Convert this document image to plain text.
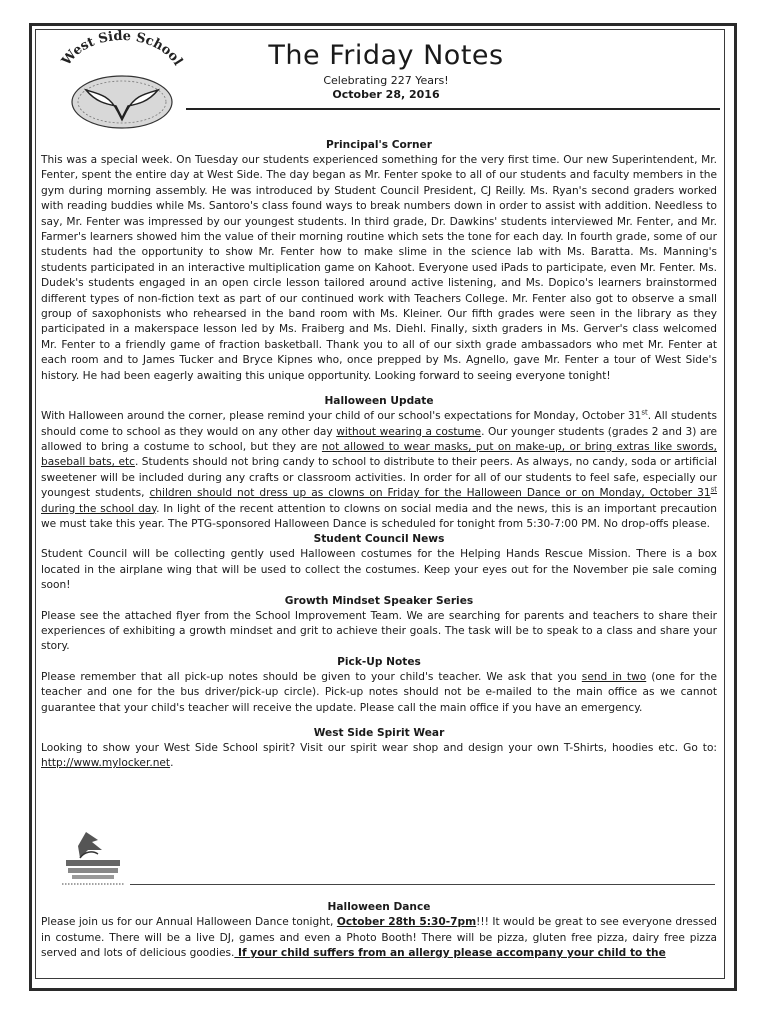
West Side School	The Friday Notes
Celebrating 227 Years!
October 28, 2016
Principal's Corner

This was a special week. On Tuesday our students experienced something for the very first time. Our new Superintendent, Mr. Fenter, spent the entire day at West Side. The day began as Mr. Fenter spoke to all of our students and faculty members in the gym during morning assembly. He was introduced by Student Council President, CJ Reilly. Ms. Ryan's second graders worked with reading buddies while Ms. Santoro's class found ways to break numbers down in order to assist with addition. Needless to say, Mr. Fenter was impressed by our youngest students. In third grade, Dr. Dawkins' students interviewed Mr. Fenter, and Mr. Farmer's learners showed him the value of their morning routine which sets the tone for each day. In fourth grade, some of our students had the opportunity to show Mr. Fenter how to make slime in the science lab with Ms. Baratta. Ms. Manning's students participated in an interactive multiplication game on Kahoot. Everyone used iPads to participate, even Mr. Fenter. Ms. Dudek's students engaged in an open circle lesson tailored around active listening, and Ms. Dopico's learners brainstormed different types of non-fiction text as part of our continued work with Teachers College. Mr. Fenter also got to observe a small group of saxophonists who rehearsed in the band room with Ms. Kleiner. Our fifth grades were seen in the library as they participated in a makerspace lesson led by Ms. Fraiberg and Ms. Diehl. Finally, sixth graders in Ms. Gerver's class welcomed Mr. Fenter to a friendly game of fraction basketball. Thank you to all of our sixth grade ambassadors who met Mr. Fenter at each room and to James Tucker and Bryce Kipnes who, once prepped by Ms. Agnello, gave Mr. Fenter a tour of West Side's history. He had been eagerly awaiting this unique opportunity. Looking forward to seeing everyone tonight!

Halloween Update

With Halloween around the corner, please remind your child of our school's expectations for Monday, October 31st. All students should come to school as they would on any other day without wearing a costume. Our younger students (grades 2 and 3) are allowed to bring a costume to school, but they are not allowed to wear masks, put on make-up, or bring extras like swords, baseball bats, etc. Students should not bring candy to school to distribute to their peers. As always, no candy, soda or artificial sweetener will be included during any crafts or classroom activities. In order for all of our students to feel safe, especially our youngest students, children should not dress up as clowns on Friday for the Halloween Dance or on Monday, October 31st during the school day. In light of the recent attention to clowns on social media and the news, this is an important precaution we must take this year. The PTG-sponsored Halloween Dance is scheduled for tonight from 5:30-7:00 PM. No drop-offs please.

Student Council News

Student Council will be collecting gently used Halloween costumes for the Helping Hands Rescue Mission. There is a box located in the airplane wing that will be used to collect the costumes. Keep your eyes out for the November pie sale coming soon!

Growth Mindset Speaker Series

Please see the attached flyer from the School Improvement Team. We are searching for parents and teachers to share their experiences of exhibiting a growth mindset and grit to achieve their goals. The task will be to speak to a class and share your story.

Pick-Up Notes

Please remember that all pick-up notes should be given to your child's teacher. We ask that you send in two (one for the teacher and one for the bus driver/pick-up circle). Pick-up notes should not be e-mailed to the main office as we cannot guarantee that your child's teacher will receive the update. Please call the main office if you have an emergency.

West Side Spirit Wear

Looking to show your West Side School spirit? Visit our spirit wear shop and design your own T-Shirts, hoodies etc. Go to: http://www.mylocker.net.

Halloween Dance

Please join us for our Annual Halloween Dance tonight, October 28th 5:30-7pm!!! It would be great to see everyone dressed in costume. There will be a live DJ, games and even a Photo Booth! There will be pizza, gluten free pizza, dairy free pizza served and lots of delicious goodies. If your child suffers from an allergy please accompany your child to the
